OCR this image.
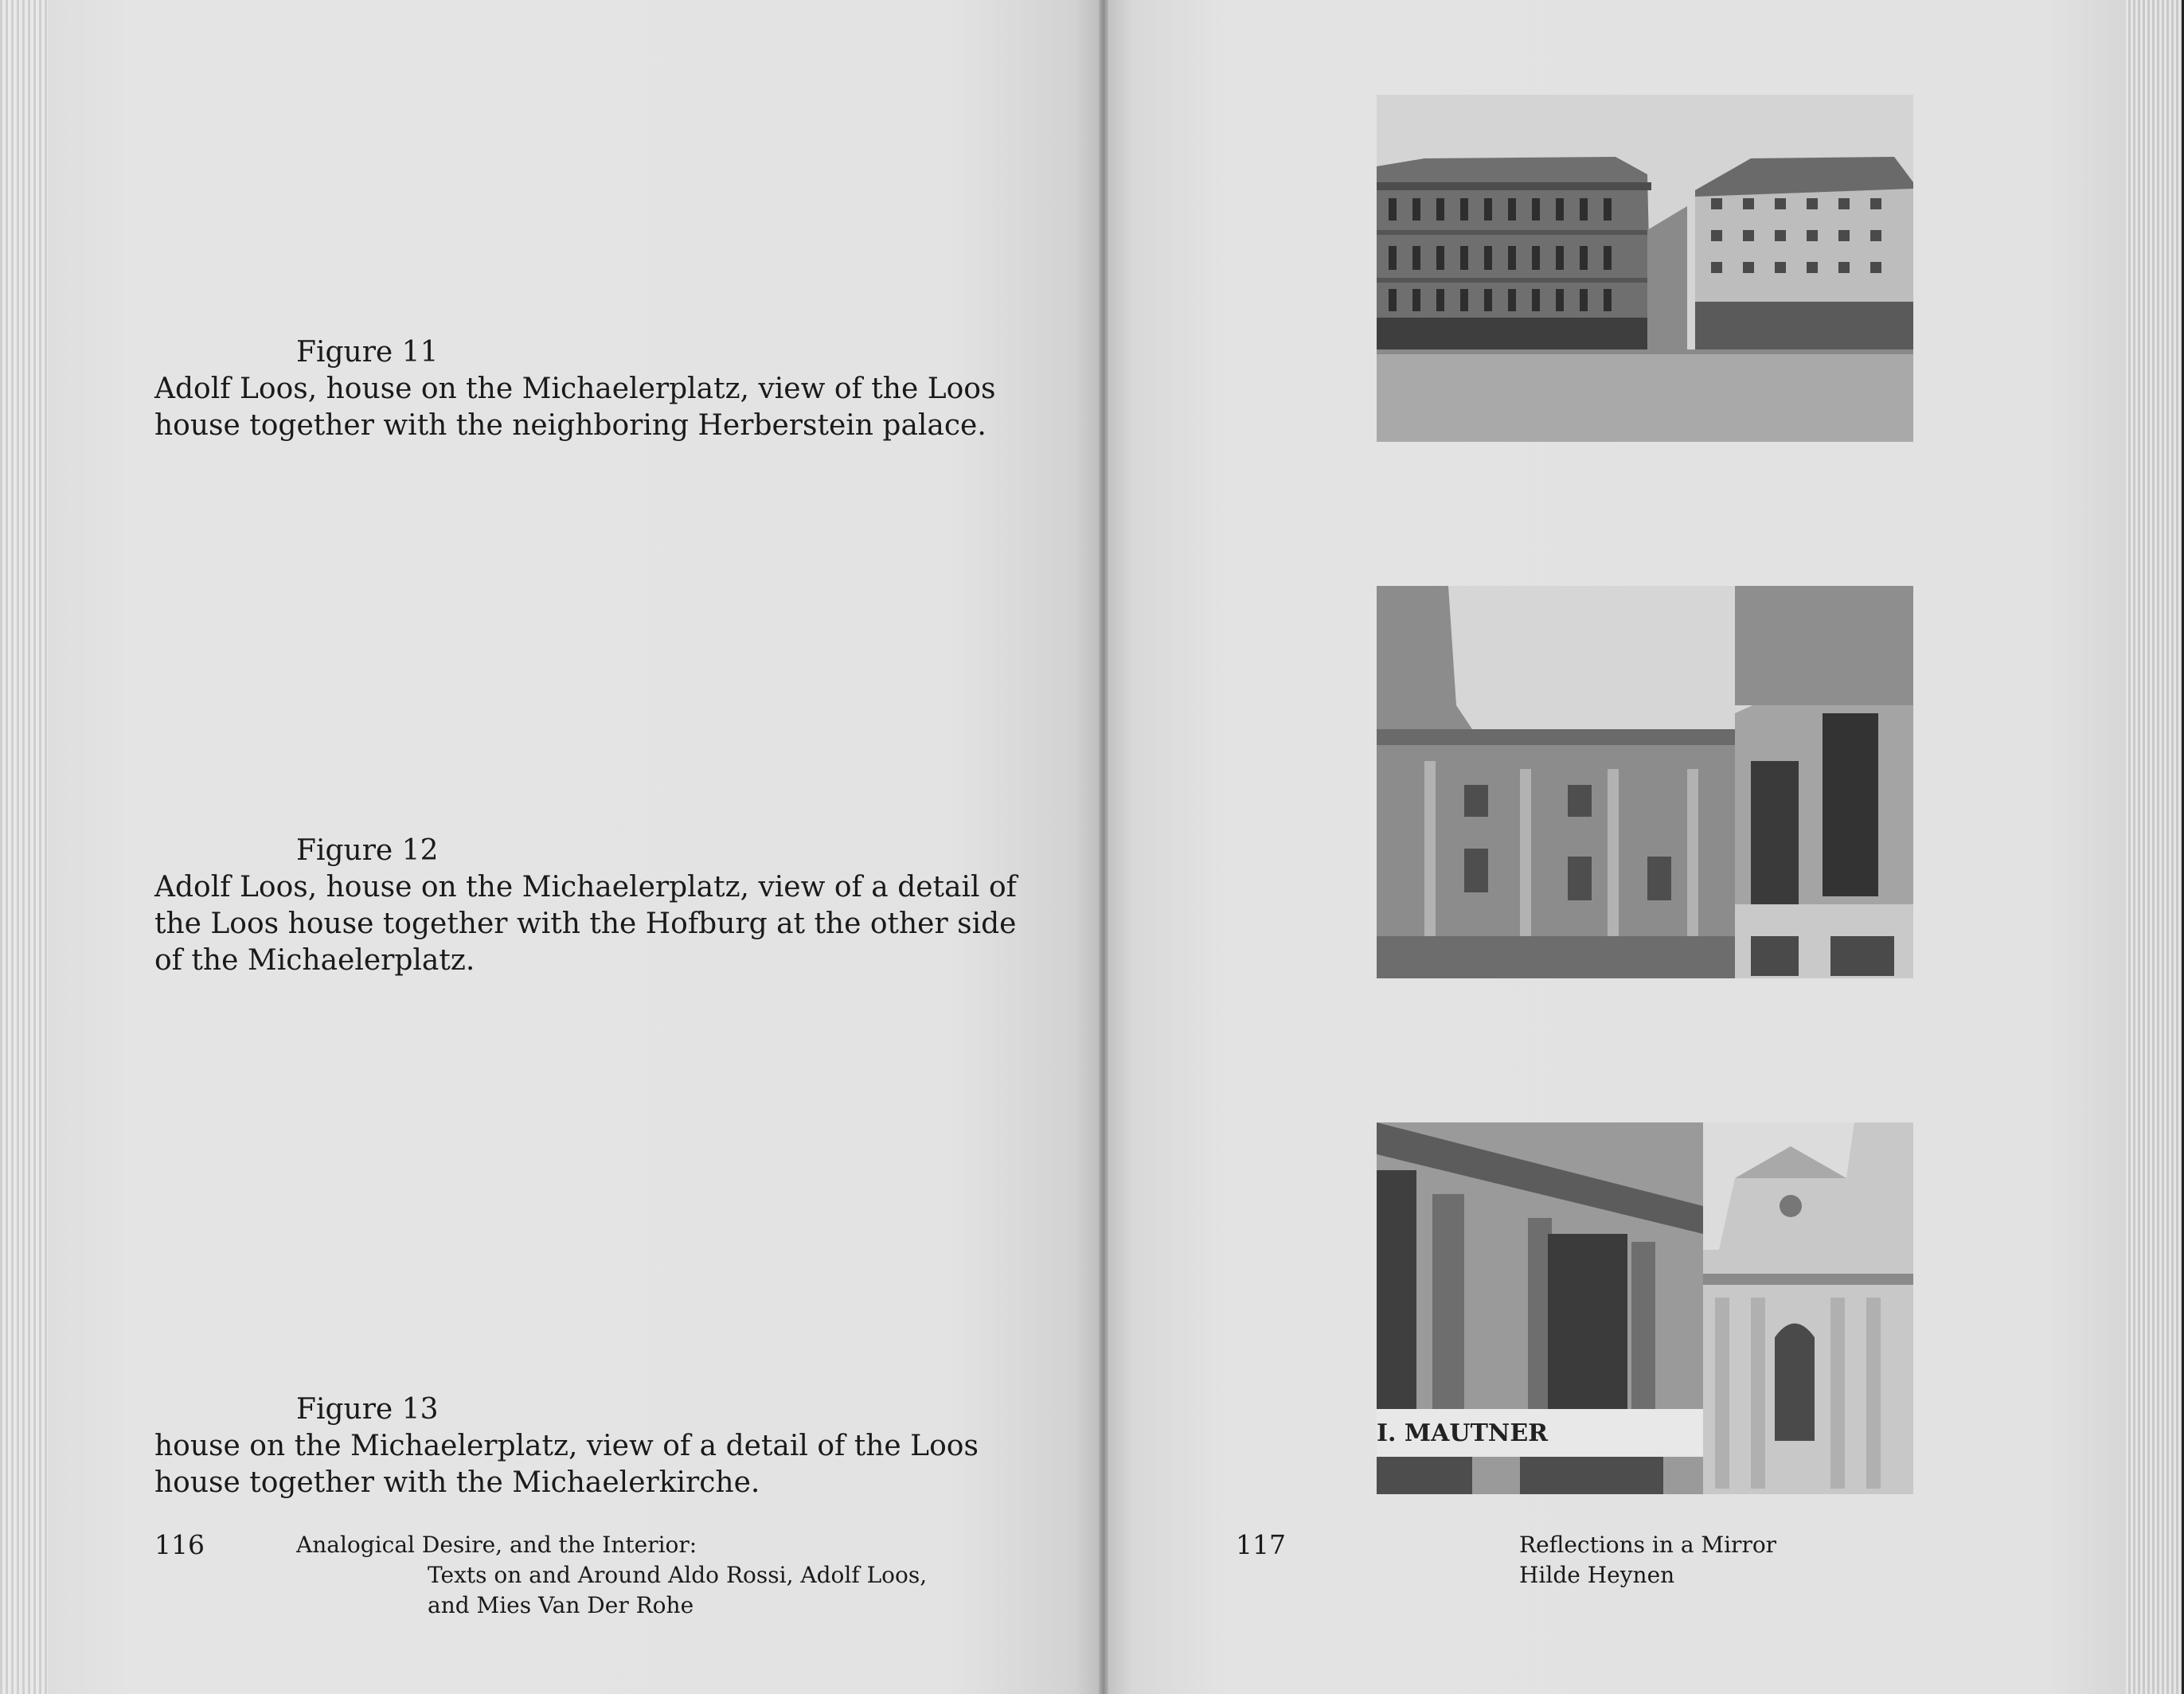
Figure 11
Adolf Loos, house on the Michaelerplatz, view of the Loos
house together with the neighboring Herberstein palace.
Figure 12
Adolf Loos, house on the Michaelerplatz, view of a detail of
the Loos house together with the Hofburg at the other side
of the Michaelerplatz.
Figure 13
house on the Michaelerplatz, view of a detail of the Loos
house together with the Michaelerkirche.
116	Analogical Desire, and the Interior:
Texts on and Around Aldo Rossi, Adolf Loos,
and Mies Van Der Rohe
117	Reflections in a Mirror
Hilde Heynen
I. MAUTNER
